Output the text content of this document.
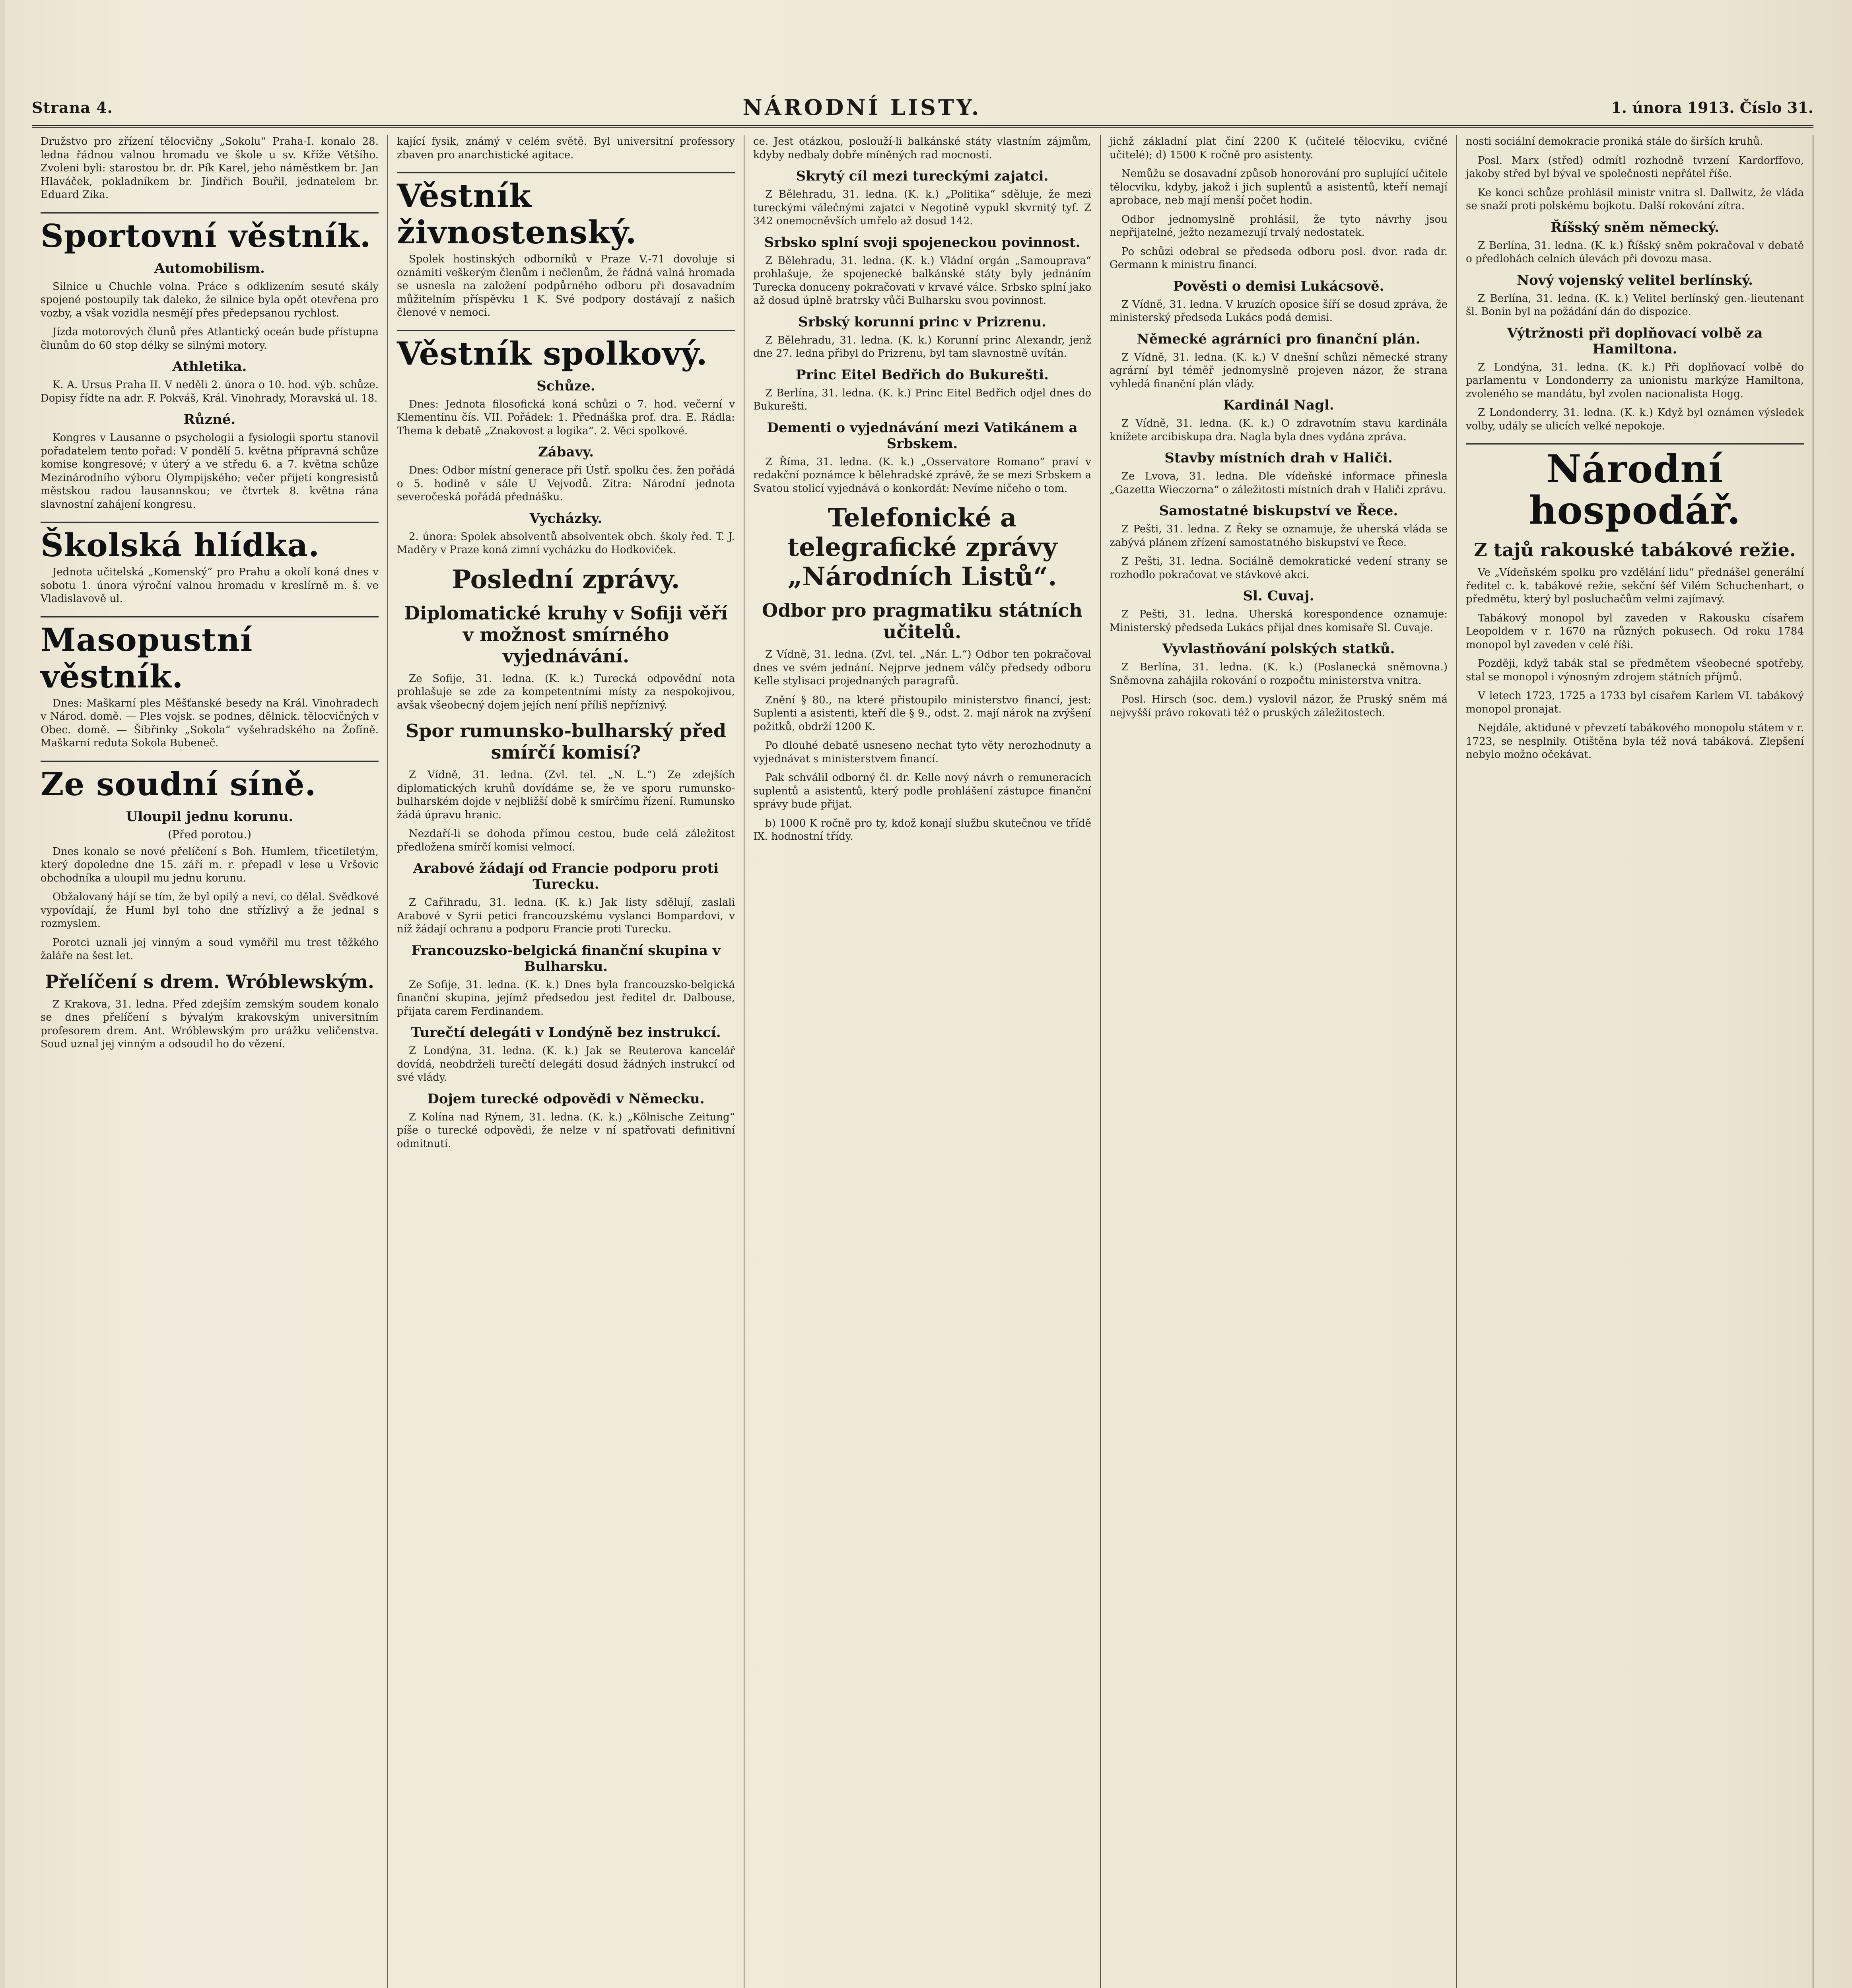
Strana 4.	NÁRODNÍ LISTY.	1. února 1913. Číslo 31.

Družstvo pro zřízení tělocvičny „Sokolu“ Praha-I. konalo 28. ledna řádnou valnou hromadu ve škole u sv. Kříže Většího. Zvoleni byli: starostou br. dr. Pík Karel, jeho náměstkem br. Jan Hlaváček, pokladníkem br. Jindřich Bouřil, jednatelem br. Eduard Zika.

Sportovní věstník.
Automobilism.

Silnice u Chuchle volna. Práce s odklizením sesuté skály spojené postoupily tak daleko, že silnice byla opět otevřena pro vozby, a však vozidla nesmějí přes předepsanou rychlost.

Jízda motorových člunů přes Atlantický oceán bude přístupna člunům do 60 stop délky se silnými motory.

Athletika.

K. A. Ursus Praha II. V neděli 2. února o 10. hod. výb. schůze. Dopisy řídte na adr. F. Pokváš, Král. Vinohrady, Moravská ul. 18.

Různé.

Kongres v Lausanne o psychologii a fysiologii sportu stanovil pořadatelem tento pořad: V pondělí 5. května přípravná schůze komise kongresové; v úterý a ve středu 6. a 7. května schůze Mezinárodního výboru Olympijského; večer přijetí kongresistů městskou radou lausannskou; ve čtvrtek 8. května rána slavnostní zahájení kongresu.

Školská hlídka.

Jednota učitelská „Komenský“ pro Prahu a okolí koná dnes v sobotu 1. února výroční valnou hromadu v kreslírně m. š. ve Vladislavově ul.

Masopustní věstník.

Dnes: Maškarní ples Měšťanské besedy na Král. Vinohradech v Národ. domě. — Ples vojsk. se podnes, dělnick. tělocvičných v Obec. domě. — Šibřinky „Sokola“ vyšehradského na Žofíně. Maškarní reduta Sokola Bubeneč.

Ze soudní síně.
Uloupil jednu korunu.
(Před porotou.)

Dnes konalo se nové přelíčení s Boh. Humlem, třicetiletým, který dopoledne dne 15. září m. r. přepadl v lese u Vršovic obchodníka a uloupil mu jednu korunu.

Obžalovaný hájí se tím, že byl opilý a neví, co dělal. Svědkové vypovídají, že Huml byl toho dne střízlivý a že jednal s rozmyslem.

Porotci uznali jej vinným a soud vyměřil mu trest těžkého žaláře na šest let.

Přelíčení s drem. Wróblewským.

Z Krakova, 31. ledna. Před zdejším zemským soudem konalo se dnes přelíčení s bývalým krakovským universitním profesorem drem. Ant. Wróblewským pro urážku veličenstva. Soud uznal jej vinným a odsoudil ho do vězení.

kající fysik, známý v celém světě. Byl universitní professory zbaven pro anarchistické agitace.

Věstník živnostenský.

Spolek hostinských odborníků v Praze V.-71 dovoluje si oznámiti veškerým členům i nečlenům, že řádná valná hromada se usnesla na založení podpůrného odboru při dosavadním můžitelním příspěvku 1 K. Své podpory dostávají z našich členové v nemoci.

Věstník spolkový.
Schůze.

Dnes: Jednota filosofická koná schůzi o 7. hod. večerní v Klementinu čís. VII. Pořádek: 1. Přednáška prof. dra. E. Rádla: Thema k debatě „Znakovost a logika“. 2. Věci spolkové.

Zábavy.

Dnes: Odbor místní generace při Ústř. spolku čes. žen pořádá o 5. hodině v sále U Vejvodů. Zítra: Národní jednota severočeská pořádá přednášku.

Vycházky.

2. února: Spolek absolventů absolventek obch. školy řed. T. J. Maděry v Praze koná zimní vycházku do Hodkoviček.

Poslední zprávy.
Diplomatické kruhy v Sofiji věří v možnost smírného vyjednávání.

Ze Sofije, 31. ledna. (K. k.) Turecká odpovědní nota prohlašuje se zde za kompetentními místy za nespokojivou, avšak všeobecný dojem jejích není příliš nepříznivý.

Spor rumunsko-bulharský před smírčí komisí?

Z Vídně, 31. ledna. (Zvl. tel. „N. L.“) Ze zdejších diplomatických kruhů dovídáme se, že ve sporu rumunsko-bulharském dojde v nejbližší době k smírčímu řízení. Rumunsko žádá úpravu hranic.

Nezdaří-li se dohoda přímou cestou, bude celá záležitost předložena smírčí komisi velmocí.

Arabové žádají od Francie podporu proti Turecku.

Z Cařihradu, 31. ledna. (K. k.) Jak listy sdělují, zaslali Arabové v Syrii petici francouzskému vyslanci Bompardovi, v níž žádají ochranu a podporu Francie proti Turecku.

Francouzsko-belgická finanční skupina v Bulharsku.

Ze Sofije, 31. ledna. (K. k.) Dnes byla francouzsko-belgická finanční skupina, jejímž předsedou jest ředitel dr. Dalbouse, přijata carem Ferdinandem.

Turečtí delegáti v Londýně bez instrukcí.

Z Londýna, 31. ledna. (K. k.) Jak se Reuterova kancelář dovídá, neobdrželi turečtí delegáti dosud žádných instrukcí od své vlády.

Dojem turecké odpovědi v Německu.

Z Kolína nad Rýnem, 31. ledna. (K. k.) „Kölnische Zeitung“ píše o turecké odpovědi, že nelze v ní spatřovati definitivní odmítnutí.

ce. Jest otázkou, poslouží-li balkánské státy vlastním zájmům, kdyby nedbaly dobře míněných rad mocností.

Skrytý cíl mezi tureckými zajatci.

Z Bělehradu, 31. ledna. (K. k.) „Politika“ sděluje, že mezi tureckými válečnými zajatci v Negotině vypukl skvrnitý tyf. Z 342 onemocněvších umřelo až dosud 142.

Srbsko splní svoji spojeneckou povinnost.

Z Bělehradu, 31. ledna. (K. k.) Vládní orgán „Samouprava“ prohlašuje, že spojenecké balkánské státy byly jednáním Turecka donuceny pokračovati v krvavé válce. Srbsko splní jako až dosud úplně bratrsky vůči Bulharsku svou povinnost.

Srbský korunní princ v Prizrenu.

Z Bělehradu, 31. ledna. (K. k.) Korunní princ Alexandr, jenž dne 27. ledna přibyl do Prizrenu, byl tam slavnostně uvítán.

Princ Eitel Bedřich do Bukurešti.

Z Berlína, 31. ledna. (K. k.) Princ Eitel Bedřich odjel dnes do Bukurešti.

Dementi o vyjednávání mezi Vatikánem a Srbskem.

Z Říma, 31. ledna. (K. k.) „Osservatore Romano“ praví v redakční poznámce k bělehradské zprávě, že se mezi Srbskem a Svatou stolicí vyjednává o konkordát: Nevíme ničeho o tom.

Telefonické a telegrafické zprávy „Národních Listů“.
Odbor pro pragmatiku státních učitelů.

Z Vídně, 31. ledna. (Zvl. tel. „Nár. L.“) Odbor ten pokračoval dnes ve svém jednání. Nejprve jednem válčy předsedy odboru Kelle stylisaci projednaných paragrafů.

Znění § 80., na které přistoupilo ministerstvo financí, jest: Suplenti a asistenti, kteří dle § 9., odst. 2. mají nárok na zvýšení požitků, obdrží 1200 K.

Po dlouhé debatě usneseno nechat tyto věty nerozhodnuty a vyjednávat s ministerstvem financí.

Pak schválil odborný čl. dr. Kelle nový návrh o remuneracích suplentů a asistentů, který podle prohlášení zástupce finanční správy bude přijat.

b) 1000 K ročně pro ty, kdož konají službu skutečnou ve třídě IX. hodnostní třídy.

jichž základní plat činí 2200 K (učitelé tělocviku, cvičné učitelé); d) 1500 K ročně pro asistenty.

Nemůžu se dosavadní způsob honorování pro suplující učitele tělocviku, kdyby, jakož i jich suplentů a asistentů, kteří nemají aprobace, neb mají menší počet hodin.

Odbor jednomyslně prohlásil, že tyto návrhy jsou nepřijatelné, ježto nezamezují trvalý nedostatek.

Po schůzi odebral se předseda odboru posl. dvor. rada dr. Germann k ministru financí.

Pověsti o demisi Lukácsově.

Z Vídně, 31. ledna. V kruzích oposice šíří se dosud zpráva, že ministerský předseda Lukács podá demisi.

Německé agrárníci pro finanční plán.

Z Vídně, 31. ledna. (K. k.) V dnešní schůzi německé strany agrární byl téměř jednomyslně projeven názor, že strana vyhledá finanční plán vlády.

Kardinál Nagl.

Z Vídně, 31. ledna. (K. k.) O zdravotním stavu kardinála knížete arcibiskupa dra. Nagla byla dnes vydána zpráva.

Stavby místních drah v Haliči.

Ze Lvova, 31. ledna. Dle vídeňské informace přinesla „Gazetta Wieczorna“ o záležitosti místních drah v Haliči zprávu.

Samostatné biskupství ve Řece.

Z Pešti, 31. ledna. Z Řeky se oznamuje, že uherská vláda se zabývá plánem zřízení samostatného biskupství ve Řece.

Z Pešti, 31. ledna. Sociálně demokratické vedení strany se rozhodlo pokračovat ve stávkové akci.

Sl. Cuvaj.

Z Pešti, 31. ledna. Uherská korespondence oznamuje: Ministerský předseda Lukács přijal dnes komisaře Sl. Cuvaje.

Vyvlastňování polských statků.

Z Berlína, 31. ledna. (K. k.) (Poslanecká sněmovna.) Sněmovna zahájila rokování o rozpočtu ministerstva vnitra.

Posl. Hirsch (soc. dem.) vyslovil názor, že Pruský sněm má nejvyšší právo rokovati též o pruských záležitostech.

nosti sociální demokracie proniká stále do širších kruhů.

Posl. Marx (střed) odmítl rozhodně tvrzení Kardorffovo, jakoby střed byl býval ve společnosti nepřátel říše.

Ke konci schůze prohlásil ministr vnitra sl. Dallwitz, že vláda se snaží proti polskému bojkotu. Další rokování zítra.

Říšský sněm německý.

Z Berlína, 31. ledna. (K. k.) Říšský sněm pokračoval v debatě o předlohách celních úlevách při dovozu masa.

Nový vojenský velitel berlínský.

Z Berlína, 31. ledna. (K. k.) Velitel berlínský gen.-lieutenant šl. Bonin byl na požádání dán do dispozice.

Výtržnosti při doplňovací volbě za Hamiltona.

Z Londýna, 31. ledna. (K. k.) Při doplňovací volbě do parlamentu v Londonderry za unionistu markýze Hamiltona, zvoleného se mandátu, byl zvolen nacionalista Hogg.

Z Londonderry, 31. ledna. (K. k.) Když byl oznámen výsledek volby, udály se ulicích velké nepokoje.

Národní hospodář.
Z tajů rakouské tabákové režie.

Ve „Vídeňském spolku pro vzdělání lidu“ přednášel generální ředitel c. k. tabákové režie, sekční šéf Vilém Schuchenhart, o předmětu, který byl posluchačům velmi zajímavý.

Tabákový monopol byl zaveden v Rakousku císařem Leopoldem v r. 1670 na různých pokusech. Od roku 1784 monopol byl zaveden v celé říši.

Později, když tabák stal se předmětem všeobecné spotřeby, stal se monopol i výnosným zdrojem státních příjmů.

V letech 1723, 1725 a 1733 byl císařem Karlem VI. tabákový monopol pronajat.

Nejdále, aktiduné v převzetí tabákového monopolu státem v r. 1723, se nesplnily. Otištěna byla též nová tabáková. Zlepšení nebylo možno očekávat.
